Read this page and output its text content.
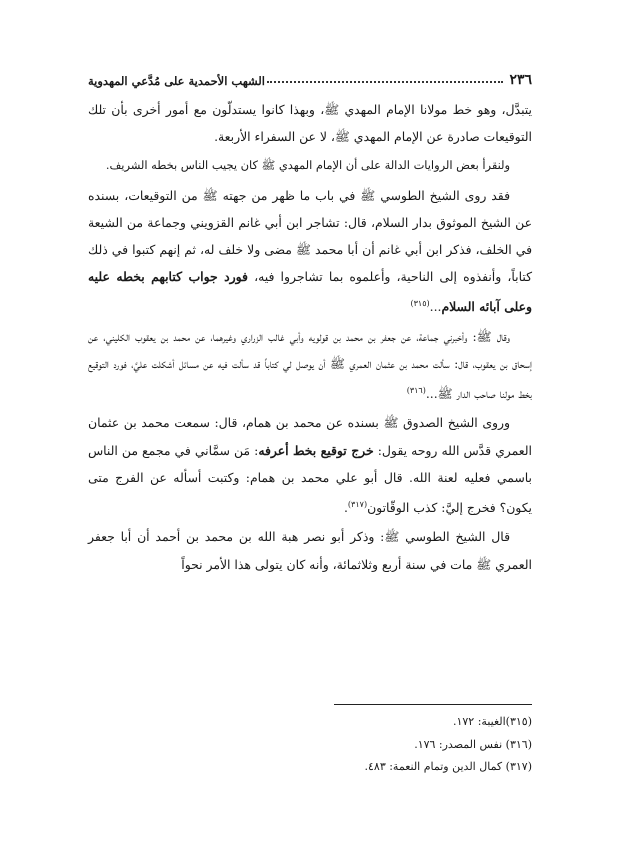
٢٣٦
الشهب الأحمدية على مُدَّعي المهدوية

يتبدَّل، وهو خط مولانا الإمام المهدي ﷺ، وبهذا كانوا يستدلّون مع أمور أخرى بأن تلك التوقيعات صادرة عن الإمام المهدي ﷺ، لا عن السفراء الأربعة.

ولنقرأ بعض الروايات الدالة على أن الإمام المهدي ﷺ كان يجيب الناس بخطه الشريف.

فقد روى الشيخ الطوسي ﷺ في باب ما ظهر من جهته ﷺ من التوقيعات، بسنده عن الشيخ الموثوق بدار السلام، قال: تشاجر ابن أبي غانم القزويني وجماعة من الشيعة في الخلف، فذكر ابن أبي غانم أن أبا محمد ﷺ مضى ولا خلف له، ثم إنهم كتبوا في ذلك كتاباً، وأنفذوه إلى الناحية، وأعلموه بما تشاجروا فيه، فورد جواب كتابهم بخطه عليه وعلى آبائه السلام...$^{(٣١٥)}$

وقال ﷺ: وأخبرني جماعة، عن جعفر بن محمد بن قولويه وأبي غالب الزراري وغيرهما، عن محمد بن يعقوب الكليني، عن إسحاق بن يعقوب، قال: سألت محمد بن عثمان العمري ﷺ أن يوصل لي كتاباً قد سألت فيه عن مسائل أشكلت عليَّ، فورد التوقيع بخط مولنا صاحب الدار ﷺ...$^{(٣١٦)}$

وروى الشيخ الصدوق ﷺ بسنده عن محمد بن همام، قال: سمعت محمد بن عثمان العمري قدَّس الله روحه يقول: خرج توقيع بخط أعرفه: مَن سمَّاني في مجمع من الناس باسمي فعليه لعنة الله. قال أبو علي محمد بن همام: وكتبت أسأله عن الفرج متى يكون؟ فخرج إليَّ: كذب الوقّاتون$^{(٣١٧)}$.

قال الشيخ الطوسي ﷺ: وذكر أبو نصر هبة الله بن محمد بن أحمد أن أبا جعفر العمري ﷺ مات في سنة أربع وثلاثمائة، وأنه كان يتولى هذا الأمر نحواً

(٣١٥)الغيبة: ١٧٢.
(٣١٦) نفس المصدر: ١٧٦.
(٣١٧) كمال الدين وتمام النعمة: ٤٨٣.
